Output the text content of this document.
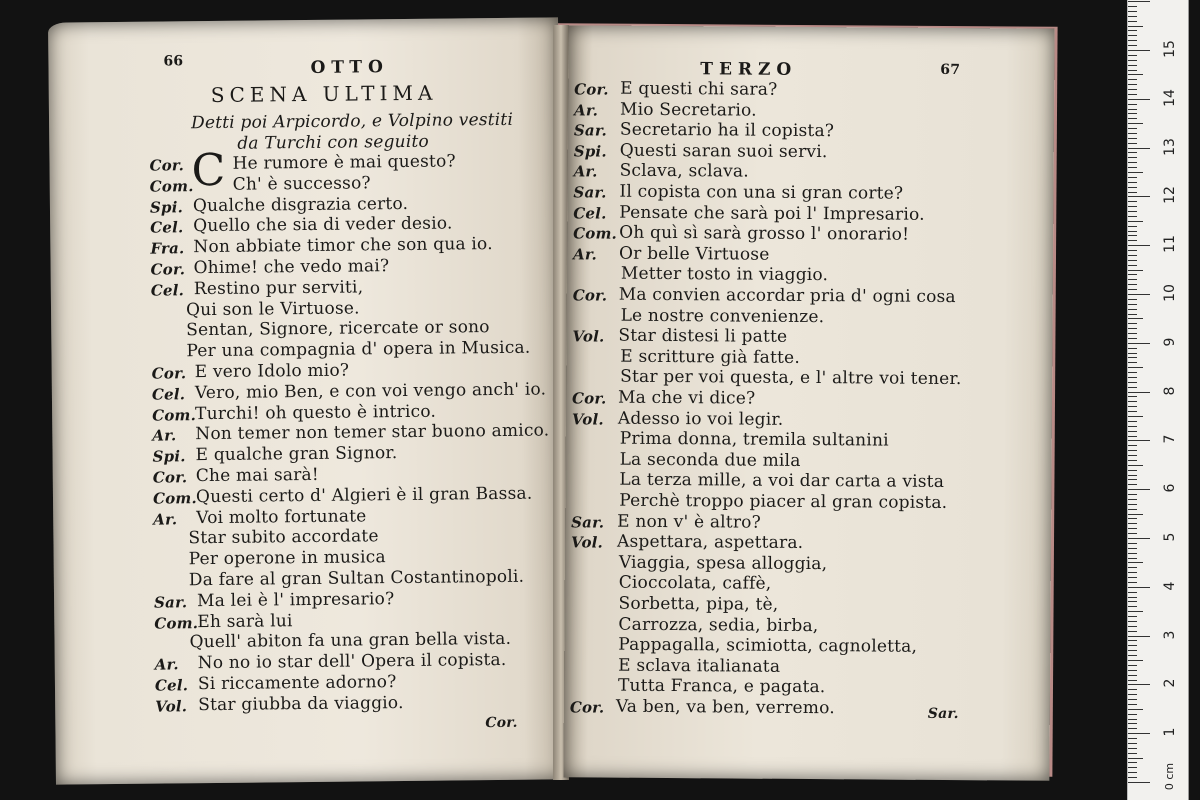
66	OTTO
SCENA ULTIMA
Detti poi Arpicordo, e Volpino vestiti
da Turchi con seguito
C
Cor.	He rumore è mai questo?
Com. Ch' è successo?
Spi. Qualche disgrazia certo.
Cel. Quello che sia di veder desio.
Fra. Non abbiate timor che son qua io.
Cor. Ohime! che vedo mai?
Cel. Restino pur serviti,
Qui son le Virtuose.
Sentan, Signore, ricercate or sono
Per una compagnia d' opera in Musica.
Cor. E vero Idolo mio?
Cel. Vero, mio Ben, e con voi vengo anch' io.
Com.
Turchi! oh questo è intrico.
Ar. Non temer non temer star buono amico.
Spi. E qualche gran Signor.
Cor. Che mai sarà!
Com.
Questi certo d' Algieri è il gran Bassa.
Ar. Voi molto fortunate
Star subito accordate
Per operone in musica
Da fare al gran Sultan Costantinopoli.
Sar. Ma lei è l' impresario?
Com.
Eh sarà lui
Quell' abiton fa una gran bella vista.
Ar. No no io star dell' Opera il copista.
Cel. Si riccamente adorno?
Vol. Star giubba da viaggio.
Cor.
TERZO	67
Cor. E questi chi sara?
Ar. Mio Secretario.
Sar. Secretario ha il copista?
Spi. Questi saran suoi servi.
Ar. Sclava, sclava.
Sar. Il copista con una si gran corte?
Cel. Pensate che sarà poi l' Impresario.
Com. Oh quì sì sarà grosso l' onorario!
Ar. Or belle Virtuose
Metter tosto in viaggio.
Cor. Ma convien accordar pria d' ogni cosa
Le nostre convenienze.
Vol. Star distesi li patte
E scritture già fatte.
Star per voi questa, e l' altre voi tener.
Cor. Ma che vi dice?
Vol. Adesso io voi legir.
Prima donna, tremila sultanini
La seconda due mila
La terza mille, a voi dar carta a vista
Perchè troppo piacer al gran copista.
Sar. E non v' è altro?
Vol. Aspettara, aspettara.
Viaggia, spesa alloggia,
Cioccolata, caffè,
Sorbetta, pipa, tè,
Carrozza, sedia, birba,
Pappagalla, scimiotta, cagnoletta,
E sclava italianata
Tutta Franca, e pagata.
Cor. Va ben, va ben, verremo.	Sar.
1
2
3
4
5
6
7
8
9
10
11
12
13
14
15
0 cm
